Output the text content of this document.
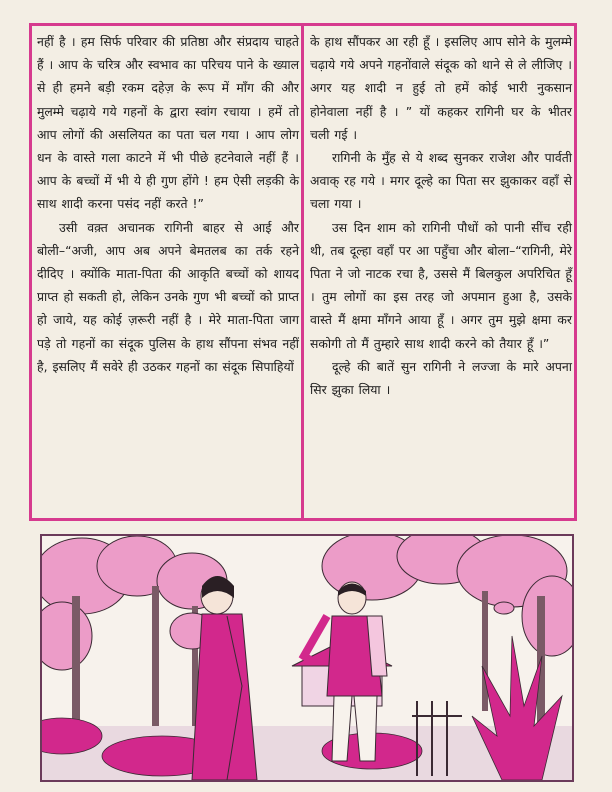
नहीं है । हम सिर्फ परिवार की प्रतिष्ठा और संप्रदाय चाहते हैं । आप के चरित्र और स्वभाव का परिचय पाने के ख्याल से ही हमने बड़ी रकम दहेज़ के रूप में माँग की और मुलम्मे चढ़ाये गये गहनों के द्वारा स्वांग रचाया । हमें तो आप लोगों की असलियत का पता चल गया । आप लोग धन के वास्ते गला काटने में भी पीछे हटनेवाले नहीं हैं । आप के बच्चों में भी ये ही गुण होंगे ! हम ऐसी लड़की के साथ शादी करना पसंद नहीं करते !”

उसी वक़्त अचानक रागिनी बाहर से आई और बोली–“अजी, आप अब अपने बेमतलब का तर्क रहने दीदिए । क्योंकि माता-पिता की आकृति बच्चों को शायद प्राप्त हो सकती हो, लेकिन उनके गुण भी बच्चों को प्राप्त हो जाये, यह कोई ज़रूरी नहीं है । मेरे माता-पिता जाग पड़े तो गहनों का संदूक पुलिस के हाथ सौंपना संभव नहीं है, इसलिए मैं सवेरे ही उठकर गहनों का संदूक सिपाहियों

के हाथ सौंपकर आ रही हूँ । इसलिए आप सोने के मुलम्मे चढ़ाये गये अपने गहनोंवाले संदूक को थाने से ले लीजिए । अगर यह शादी न हुई तो हमें कोई भारी नुकसान होनेवाला नहीं है । ” यों कहकर रागिनी घर के भीतर चली गई ।

रागिनी के मुँह से ये शब्द सुनकर राजेश और पार्वती अवाक् रह गये । मगर दूल्हे का पिता सर झुकाकर वहाँ से चला गया ।

उस दिन शाम को रागिनी पौधों को पानी सींच रही थी, तब दूल्हा वहाँ पर आ पहुँचा और बोला–“रागिनी, मेरे पिता ने जो नाटक रचा है, उससे मैं बिलकुल अपरिचित हूँ । तुम लोगों का इस तरह जो अपमान हुआ है, उसके वास्ते मैं क्षमा माँगने आया हूँ । अगर तुम मुझे क्षमा कर सकोगी तो मैं तुम्हारे साथ शादी करने को तैयार हूँ ।”

दूल्हे की बातें सुन रागिनी ने लज्जा के मारे अपना सिर झुका लिया ।
